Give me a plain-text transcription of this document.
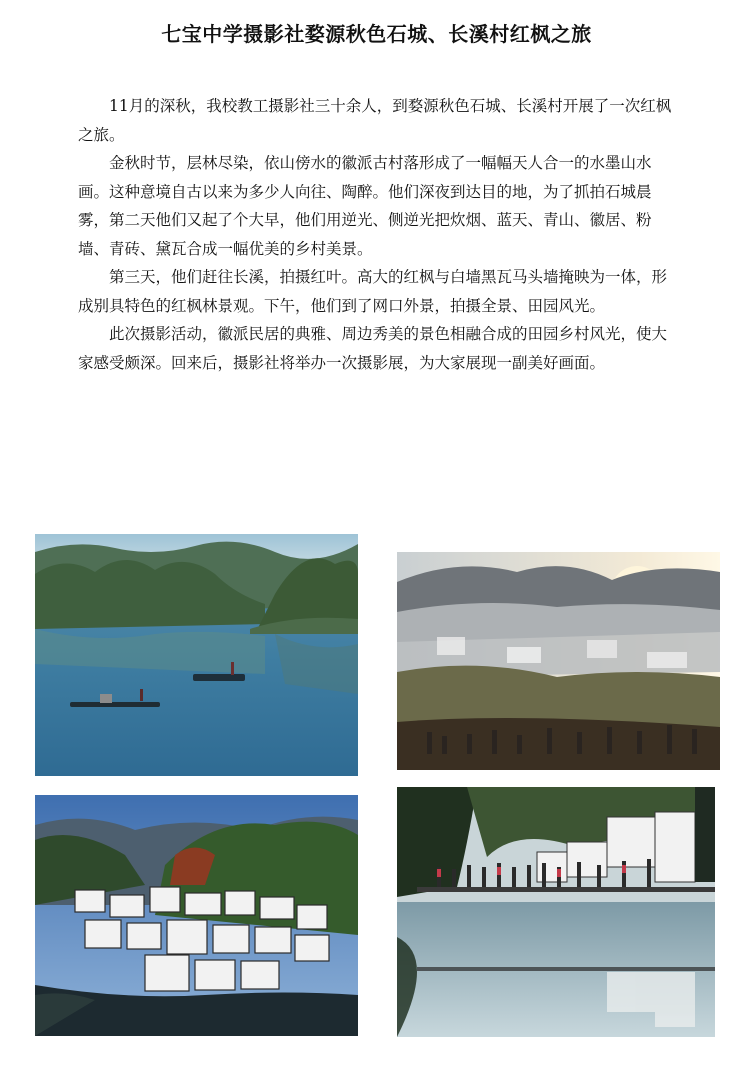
七宝中学摄影社婺源秋色石城、长溪村红枫之旅

11月的深秋，我校教工摄影社三十余人，到婺源秋色石城、长溪村开展了一次红枫之旅。

金秋时节，层林尽染，依山傍水的徽派古村落形成了一幅幅天人合一的水墨山水画。这种意境自古以来为多少人向往、陶醉。他们深夜到达目的地，为了抓拍石城晨雾，第二天他们又起了个大早，他们用逆光、侧逆光把炊烟、蓝天、青山、徽居、粉墙、青砖、黛瓦合成一幅优美的乡村美景。

第三天，他们赶往长溪，拍摄红叶。高大的红枫与白墙黑瓦马头墙掩映为一体，形成别具特色的红枫林景观。下午，他们到了网口外景，拍摄全景、田园风光。

此次摄影活动，徽派民居的典雅、周边秀美的景色相融合成的田园乡村风光，使大家感受颇深。回来后，摄影社将举办一次摄影展，为大家展现一副美好画面。
